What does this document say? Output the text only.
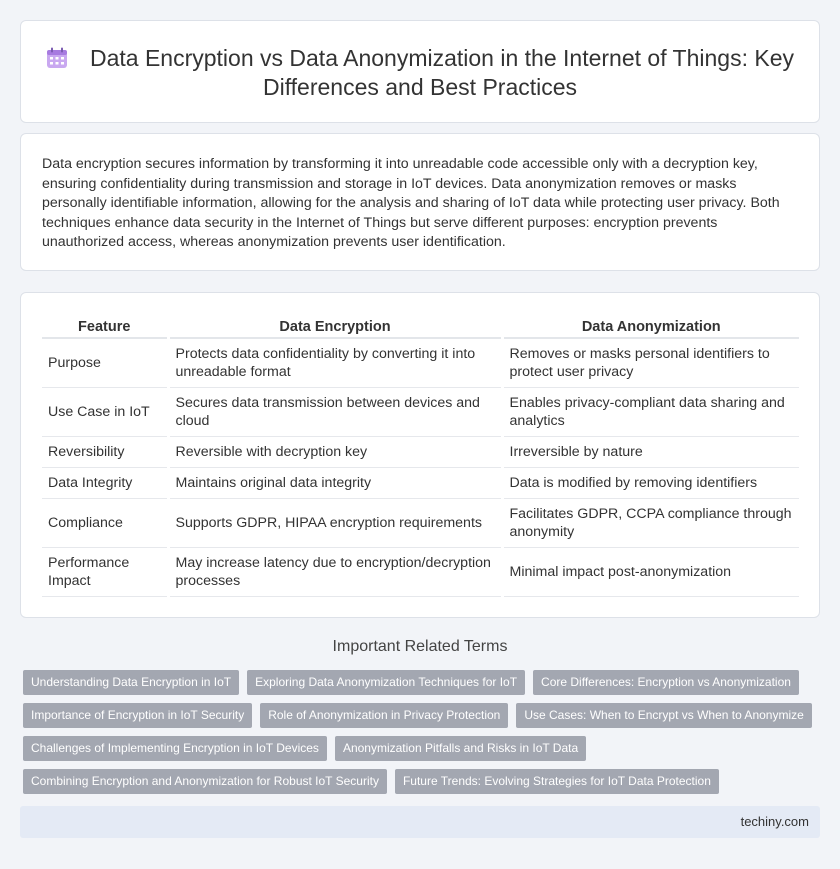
Data Encryption vs Data Anonymization in the Internet of Things: Key Differences and Best Practices

Data encryption secures information by transforming it into unreadable code accessible only with a decryption key, ensuring confidentiality during transmission and storage in IoT devices. Data anonymization removes or masks personally identifiable information, allowing for the analysis and sharing of IoT data while protecting user privacy. Both techniques enhance data security in the Internet of Things but serve different purposes: encryption prevents unauthorized access, whereas anonymization prevents user identification.

Feature	Data Encryption	Data Anonymization
Purpose	Protects data confidentiality by converting it into unreadable format	Removes or masks personal identifiers to protect user privacy
Use Case in IoT	Secures data transmission between devices and cloud	Enables privacy-compliant data sharing and analytics
Reversibility	Reversible with decryption key	Irreversible by nature
Data Integrity	Maintains original data integrity	Data is modified by removing identifiers
Compliance	Supports GDPR, HIPAA encryption requirements	Facilitates GDPR, CCPA compliance through anonymity
Performance Impact	May increase latency due to encryption/decryption processes	Minimal impact post-anonymization
Important Related Terms
Understanding Data Encryption in IoT	Exploring Data Anonymization Techniques for IoT	Core Differences: Encryption vs Anonymization
Importance of Encryption in IoT Security	Role of Anonymization in Privacy Protection	Use Cases: When to Encrypt vs When to Anonymize
Challenges of Implementing Encryption in IoT Devices	Anonymization Pitfalls and Risks in IoT Data
Combining Encryption and Anonymization for Robust IoT Security	Future Trends: Evolving Strategies for IoT Data Protection
techiny.com
